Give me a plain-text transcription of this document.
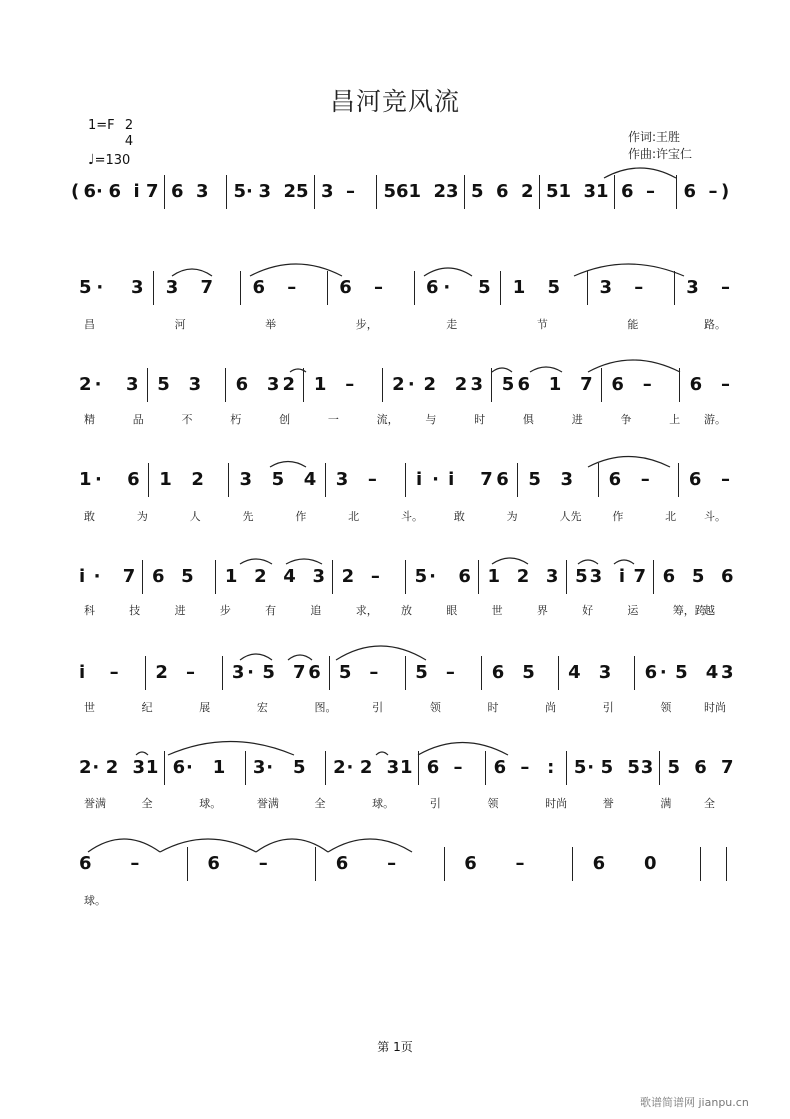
昌河竞风流
1=F 2
4
♩=130
作词:王胜
作曲:许宝仁
( 6 · 6 i 7 6 3 5 · 3 2 5 3 – 5 6 1 2 3 5 6 2 5 1 3 1 6 – 6 – )
5 · 3 3 7 6 – 6 – 6 · 5 1 5 3 – 3 –
昌	河	举	步，	走	节	能	路。
2 · 3 5 3 6 3 2 1 – 2 · 2 2 3 5 6 1 7 6 – 6 –
精	品	不	朽	创	一	流， 与	时	俱	进	争	上 游。
1 · 6 1 2 3 5 4 3 – i · i 7 6 5 3 6 – 6 –
敢	为	人	先	作	北	斗。	敢	为	人先	作	北	斗。
i · 7 6 5 1 2 4 3 2 – 5 · 6 1 2 3 5 3 i 7 6 5 6
科	技	进	步	有	追	求， 放	眼	世	界	好	运	筹，跨
越
i – 2 – 3 · 5 7 6 5 – 5 – 6 5 4 3 6 · 5 4 3
世	纪	展	宏	图。	引	领	时	尚	引	领	时尚
2 · 2 3 1 6 · 1 3 · 5 2 · 2 3 1 6 – 6 – : 5 · 5 5 3 5 6 7
誉满	全	球。	誉满	全	球。	引	领	时尚	誉	满	全
6 –	6 –	6 –	6 –	6 0
球。
第 1页
歌谱简谱网 jianpu.cn
